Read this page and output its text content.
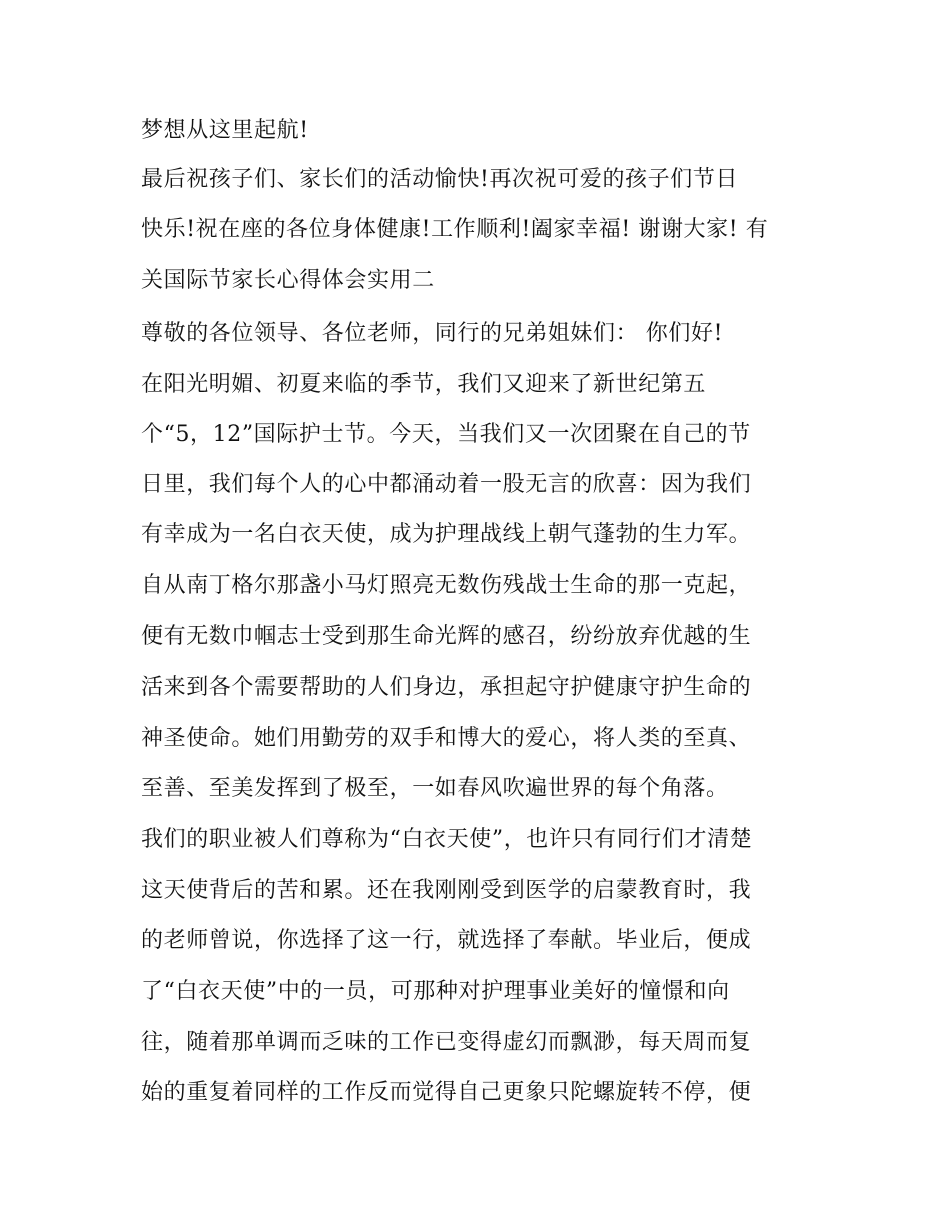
梦想从这里起航!
最后祝孩子们、家长们的活动愉快!再次祝可爱的孩子们节日
快乐!祝在座的各位身体健康!工作顺利!阖家幸福! 谢谢大家! 有
关国际节家长心得体会实用二
尊敬的各位领导、各位老师，同行的兄弟姐妹们： 你们好!
在阳光明媚、初夏来临的季节，我们又迎来了新世纪第五
个“5，12”国际护士节。今天，当我们又一次团聚在自己的节
日里，我们每个人的心中都涌动着一股无言的欣喜：因为我们
有幸成为一名白衣天使，成为护理战线上朝气蓬勃的生力军。
自从南丁格尔那盏小马灯照亮无数伤残战士生命的那一克起，
便有无数巾帼志士受到那生命光辉的感召，纷纷放弃优越的生
活来到各个需要帮助的人们身边，承担起守护健康守护生命的
神圣使命。她们用勤劳的双手和博大的爱心，将人类的至真、
至善、至美发挥到了极至，一如春风吹遍世界的每个角落。
我们的职业被人们尊称为“白衣天使”，也许只有同行们才清楚
这天使背后的苦和累。还在我刚刚受到医学的启蒙教育时，我
的老师曾说，你选择了这一行，就选择了奉献。毕业后，便成
了“白衣天使”中的一员，可那种对护理事业美好的憧憬和向
往，随着那单调而乏味的工作已变得虚幻而飘渺，每天周而复
始的重复着同样的工作反而觉得自己更象只陀螺旋转不停，便
